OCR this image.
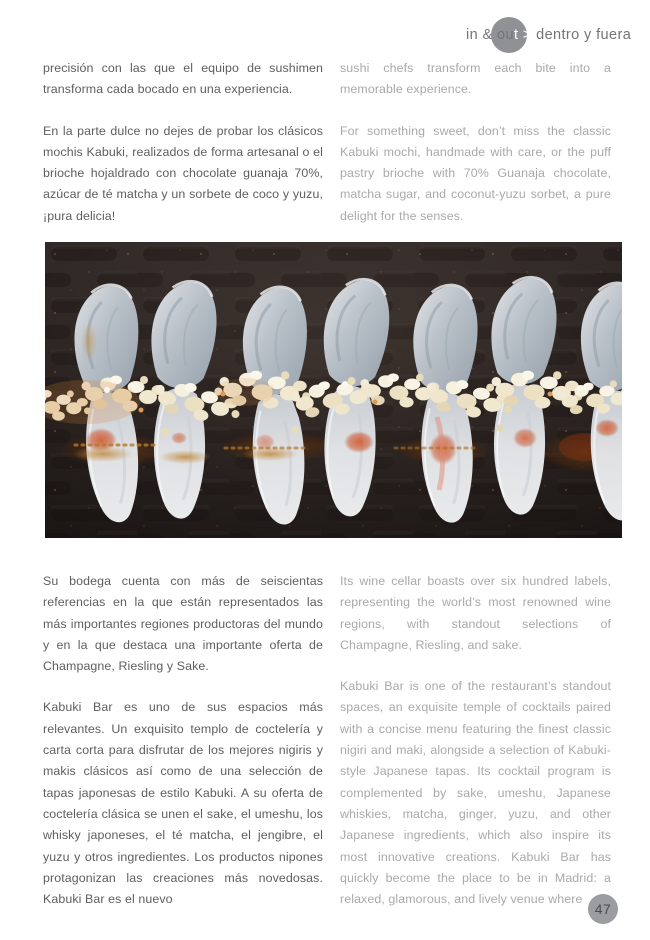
in & out > dentro y fuera

precisión con las que el equipo de sushimen transforma cada bocado en una experiencia.

En la parte dulce no dejes de probar los clásicos mochis Kabuki, realizados de forma artesanal o el brioche hojaldrado con chocolate guanaja 70%, azúcar de té matcha y un sorbete de coco y yuzu, ¡pura delicia!

sushi chefs transform each bite into a memorable experience.

For something sweet, don’t miss the classic Kabuki mochi, handmade with care, or the puff pastry brioche with 70% Guanaja chocolate, matcha sugar, and coconut-yuzu sorbet, a pure delight for the senses.

Su bodega cuenta con más de seiscientas referencias en la que están representados las más importantes regiones productoras del mundo y en la que destaca una importante oferta de Champagne, Riesling y Sake.

Kabuki Bar es uno de sus espacios más relevantes. Un exquisito templo de coctelería y carta corta para disfrutar de los mejores nigiris y makis clásicos así como de una selección de tapas japonesas de estilo Kabuki. A su oferta de coctelería clásica se unen el sake, el umeshu, los whisky japoneses, el té matcha, el jengibre, el yuzu y otros ingredientes. Los productos nipones protagonizan las creaciones más novedosas. Kabuki Bar es el nuevo

Its wine cellar boasts over six hundred labels, representing the world’s most renowned wine regions, with standout selections of Champagne, Riesling, and sake.

Kabuki Bar is one of the restaurant’s standout spaces, an exquisite temple of cocktails paired with a concise menu featuring the finest classic nigiri and maki, alongside a selection of Kabuki-style Japanese tapas. Its cocktail program is complemented by sake, umeshu, Japanese whiskies, matcha, ginger, yuzu, and other Japanese ingredients, which also inspire its most innovative creations. Kabuki Bar has quickly become the place to be in Madrid: a relaxed, glamorous, and lively venue where

47
